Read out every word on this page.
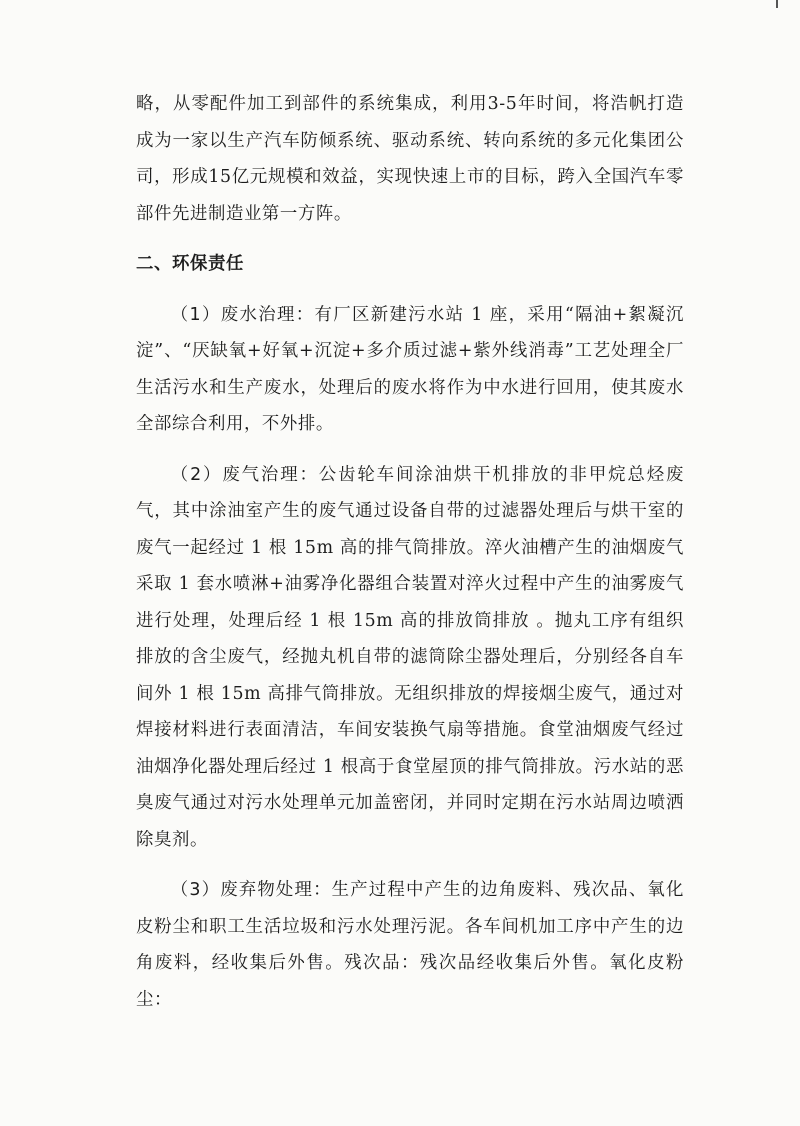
略，从零配件加工到部件的系统集成，利用3-5年时间，将浩帆打造成为一家以生产汽车防倾系统、驱动系统、转向系统的多元化集团公司，形成15亿元规模和效益，实现快速上市的目标，跨入全国汽车零部件先进制造业第一方阵。

二、环保责任

（1）废水治理：有厂区新建污水站 1 座，采用“隔油+絮凝沉淀”、“厌缺氧+好氧+沉淀+多介质过滤+紫外线消毒”工艺处理全厂生活污水和生产废水，处理后的废水将作为中水进行回用，使其废水全部综合利用，不外排。

（2）废气治理：公齿轮车间涂油烘干机排放的非甲烷总烃废气，其中涂油室产生的废气通过设备自带的过滤器处理后与烘干室的废气一起经过 1 根 15m 高的排气筒排放。淬火油槽产生的油烟废气采取 1 套水喷淋+油雾净化器组合装置对淬火过程中产生的油雾废气进行处理，处理后经 1 根 15m 高的排放筒排放 。抛丸工序有组织排放的含尘废气，经抛丸机自带的滤筒除尘器处理后，分别经各自车间外 1 根 15m 高排气筒排放。无组织排放的焊接烟尘废气，通过对焊接材料进行表面清洁，车间安装换气扇等措施。食堂油烟废气经过油烟净化器处理后经过 1 根高于食堂屋顶的排气筒排放。污水站的恶臭废气通过对污水处理单元加盖密闭，并同时定期在污水站周边喷洒除臭剂。

（3）废弃物处理：生产过程中产生的边角废料、残次品、氧化皮粉尘和职工生活垃圾和污水处理污泥。各车间机加工序中产生的边角废料，经收集后外售。残次品：残次品经收集后外售。氧化皮粉尘：
